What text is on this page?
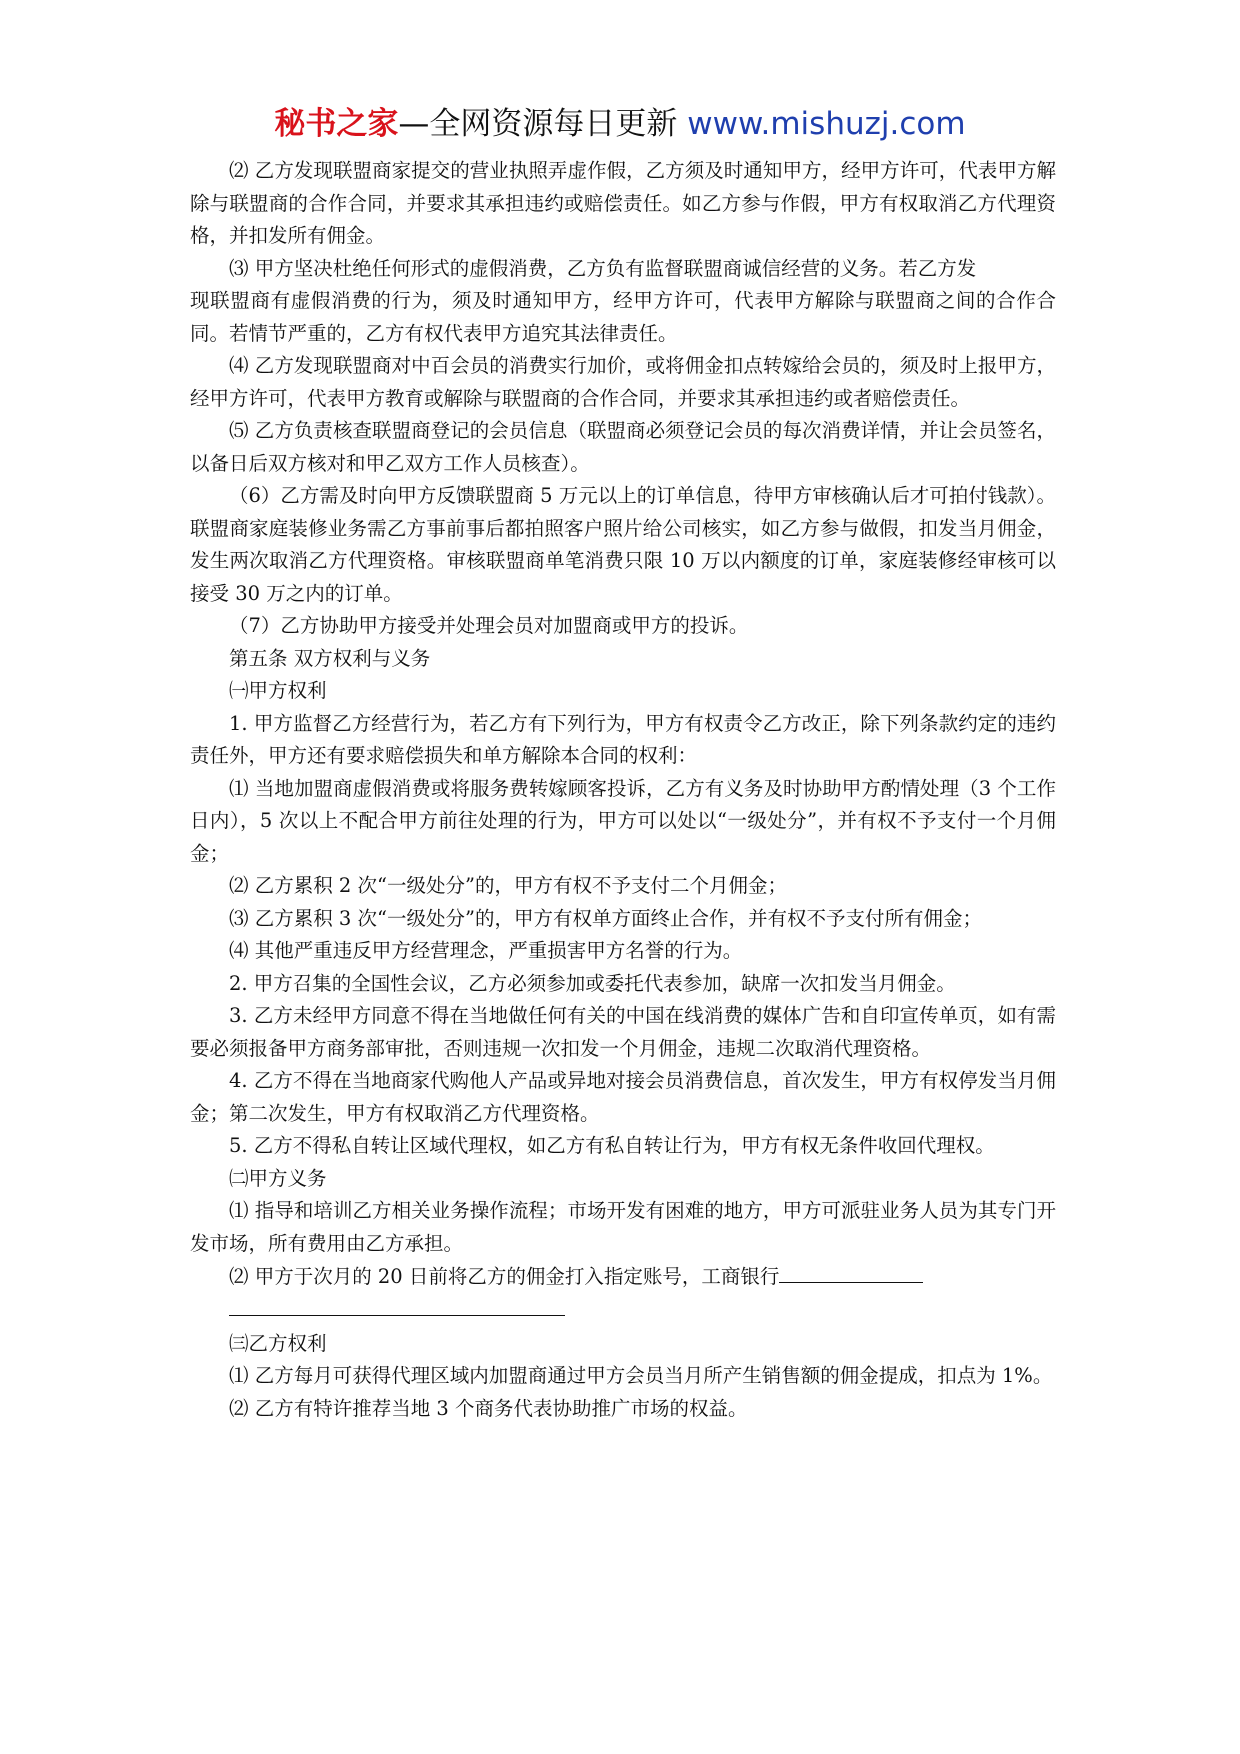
秘书之家—全网资源每日更新 www.mishuzj.com

⑵ 乙方发现联盟商家提交的营业执照弄虚作假，乙方须及时通知甲方，经甲方许可，代表甲方解除与联盟商的合作合同，并要求其承担违约或赔偿责任。如乙方参与作假，甲方有权取消乙方代理资格，并扣发所有佣金。

⑶ 甲方坚决杜绝任何形式的虚假消费，乙方负有监督联盟商诚信经营的义务。若乙方发

现联盟商有虚假消费的行为，须及时通知甲方，经甲方许可，代表甲方解除与联盟商之间的合作合同。若情节严重的，乙方有权代表甲方追究其法律责任。

⑷ 乙方发现联盟商对中百会员的消费实行加价，或将佣金扣点转嫁给会员的，须及时上报甲方，经甲方许可，代表甲方教育或解除与联盟商的合作合同，并要求其承担违约或者赔偿责任。

⑸ 乙方负责核查联盟商登记的会员信息（联盟商必须登记会员的每次消费详情，并让会员签名，以备日后双方核对和甲乙双方工作人员核查）。

（6）乙方需及时向甲方反馈联盟商 5 万元以上的订单信息，待甲方审核确认后才可拍付钱款）。联盟商家庭装修业务需乙方事前事后都拍照客户照片给公司核实，如乙方参与做假，扣发当月佣金，发生两次取消乙方代理资格。审核联盟商单笔消费只限 10 万以内额度的订单，家庭装修经审核可以接受 30 万之内的订单。

（7）乙方协助甲方接受并处理会员对加盟商或甲方的投诉。

第五条 双方权利与义务

㈠甲方权利

1. 甲方监督乙方经营行为，若乙方有下列行为，甲方有权责令乙方改正，除下列条款约定的违约责任外，甲方还有要求赔偿损失和单方解除本合同的权利：

⑴ 当地加盟商虚假消费或将服务费转嫁顾客投诉，乙方有义务及时协助甲方酌情处理（3 个工作日内），5 次以上不配合甲方前往处理的行为，甲方可以处以“一级处分”，并有权不予支付一个月佣金；

⑵ 乙方累积 2 次“一级处分”的，甲方有权不予支付二个月佣金；

⑶ 乙方累积 3 次“一级处分”的，甲方有权单方面终止合作，并有权不予支付所有佣金；

⑷ 其他严重违反甲方经营理念，严重损害甲方名誉的行为。

2. 甲方召集的全国性会议，乙方必须参加或委托代表参加，缺席一次扣发当月佣金。

3. 乙方未经甲方同意不得在当地做任何有关的中国在线消费的媒体广告和自印宣传单页，如有需要必须报备甲方商务部审批，否则违规一次扣发一个月佣金，违规二次取消代理资格。

4. 乙方不得在当地商家代购他人产品或异地对接会员消费信息，首次发生，甲方有权停发当月佣金；第二次发生，甲方有权取消乙方代理资格。

5. 乙方不得私自转让区域代理权，如乙方有私自转让行为，甲方有权无条件收回代理权。

㈡甲方义务

⑴ 指导和培训乙方相关业务操作流程；市场开发有困难的地方，甲方可派驻业务人员为其专门开发市场，所有费用由乙方承担。

⑵ 甲方于次月的 20 日前将乙方的佣金打入指定账号，工商银行

㈢乙方权利

⑴ 乙方每月可获得代理区域内加盟商通过甲方会员当月所产生销售额的佣金提成，扣点为 1%。

⑵ 乙方有特许推荐当地 3 个商务代表协助推广市场的权益。
